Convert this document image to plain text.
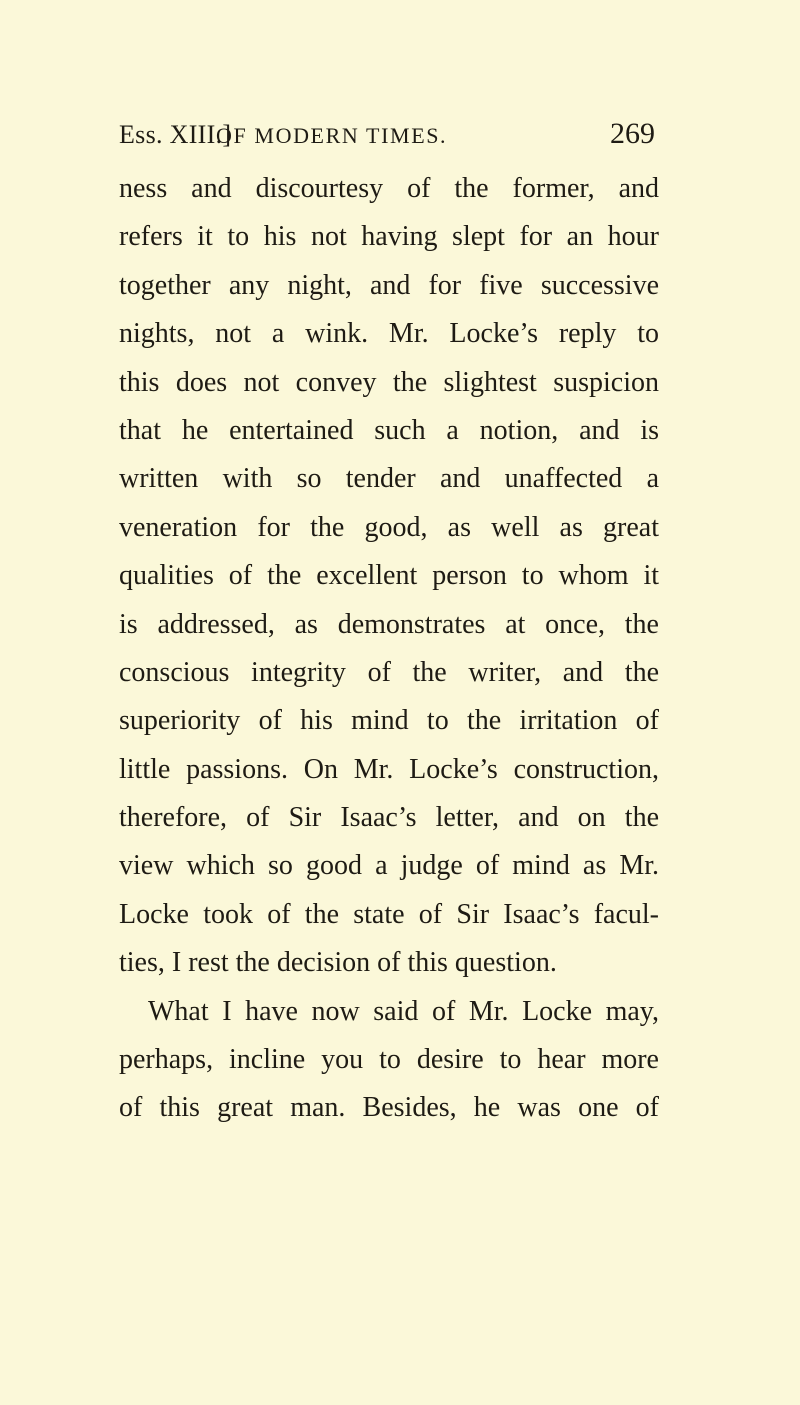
Ess. XIII.]
OF MODERN TIMES.	269
ness and discourtesy of the former, and
refers it to his not having slept for an hour
together any night, and for five successive
nights, not a wink. Mr. Locke’s reply to
this does not convey the slightest suspicion
that he entertained such a notion, and is
written with so tender and unaffected a
veneration for the good, as well as great
qualities of the excellent person to whom it
is addressed, as demonstrates at once, the
conscious integrity of the writer, and the
superiority of his mind to the irritation of
little passions. On Mr. Locke’s construction,
therefore, of Sir Isaac’s letter, and on the
view which so good a judge of mind as Mr.
Locke took of the state of Sir Isaac’s facul-
ties, I rest the decision of this question.
What I have now said of Mr. Locke may,
perhaps, incline you to desire to hear more
of this great man. Besides, he was one of
